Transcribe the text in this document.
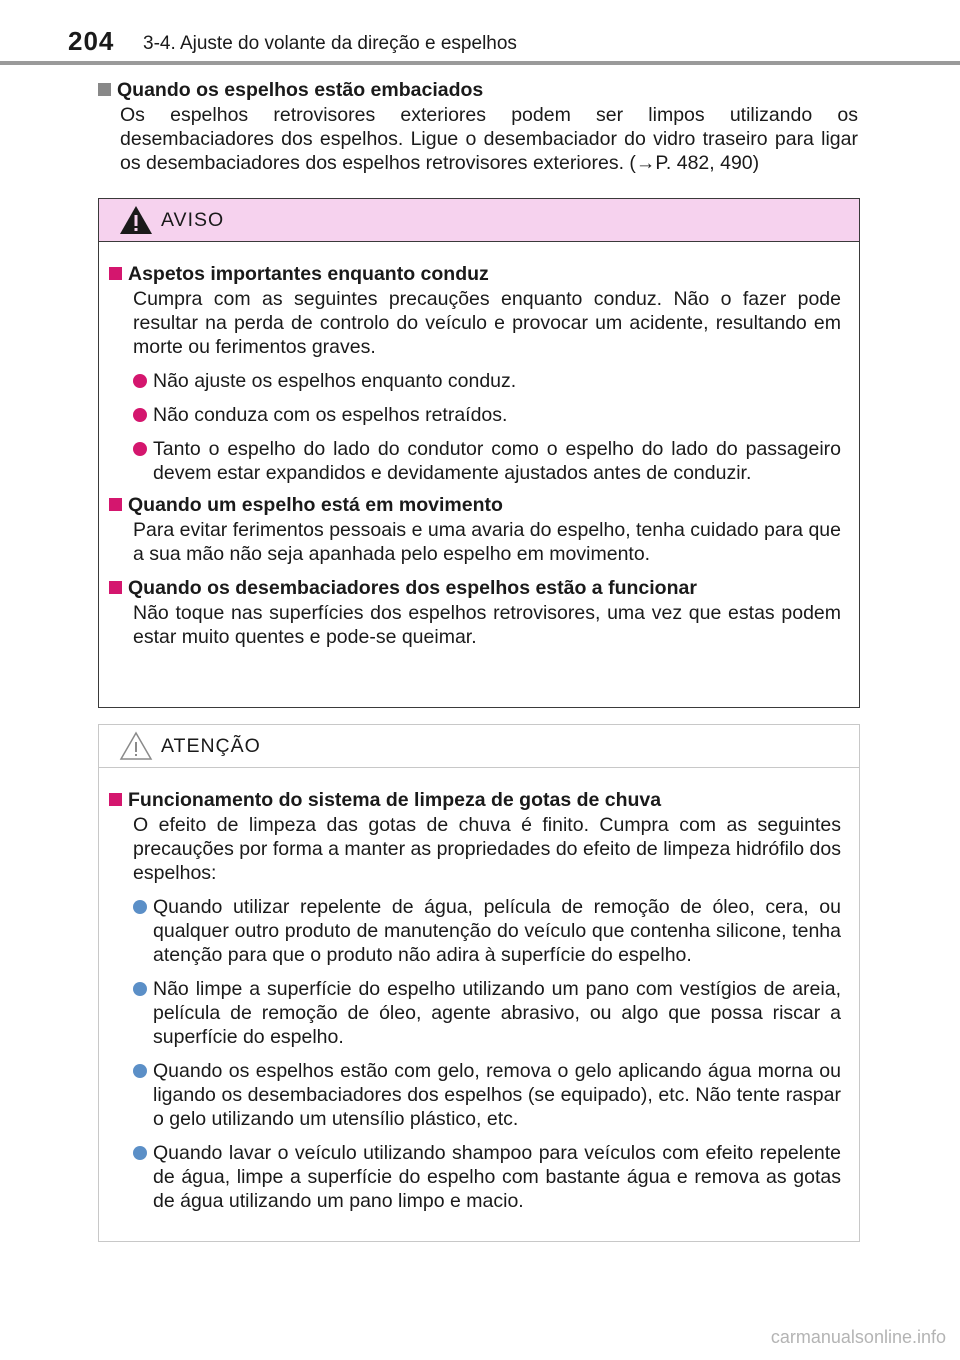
204 3-4. Ajuste do volante da direção e espelhos
Quando os espelhos estão embaciados
Os espelhos retrovisores exteriores podem ser limpos utilizando os desembaciadores dos espelhos. Ligue o desembaciador do vidro traseiro para ligar os desembaciadores dos espelhos retrovisores exteriores. (→P. 482, 490)
AVISO
Aspetos importantes enquanto conduz
Cumpra com as seguintes precauções enquanto conduz. Não o fazer pode resultar na perda de controlo do veículo e provocar um acidente, resultando em morte ou ferimentos graves.
Não ajuste os espelhos enquanto conduz.
Não conduza com os espelhos retraídos.
Tanto o espelho do lado do condutor como o espelho do lado do passageiro devem estar expandidos e devidamente ajustados antes de conduzir.
Quando um espelho está em movimento
Para evitar ferimentos pessoais e uma avaria do espelho, tenha cuidado para que a sua mão não seja apanhada pelo espelho em movimento.
Quando os desembaciadores dos espelhos estão a funcionar
Não toque nas superfícies dos espelhos retrovisores, uma vez que estas podem estar muito quentes e pode-se queimar.
ATENÇÃO
Funcionamento do sistema de limpeza de gotas de chuva
O efeito de limpeza das gotas de chuva é finito. Cumpra com as seguintes precauções por forma a manter as propriedades do efeito de limpeza hidrófilo dos espelhos:
Quando utilizar repelente de água, película de remoção de óleo, cera, ou qualquer outro produto de manutenção do veículo que contenha silicone, tenha atenção para que o produto não adira à superfície do espelho.
Não limpe a superfície do espelho utilizando um pano com vestígios de areia, película de remoção de óleo, agente abrasivo, ou algo que possa riscar a superfície do espelho.
Quando os espelhos estão com gelo, remova o gelo aplicando água morna ou ligando os desembaciadores dos espelhos (se equipado), etc. Não tente raspar o gelo utilizando um utensílio plástico, etc.
Quando lavar o veículo utilizando shampoo para veículos com efeito repelente de água, limpe a superfície do espelho com bastante água e remova as gotas de água utilizando um pano limpo e macio.
carmanualsonline.info
